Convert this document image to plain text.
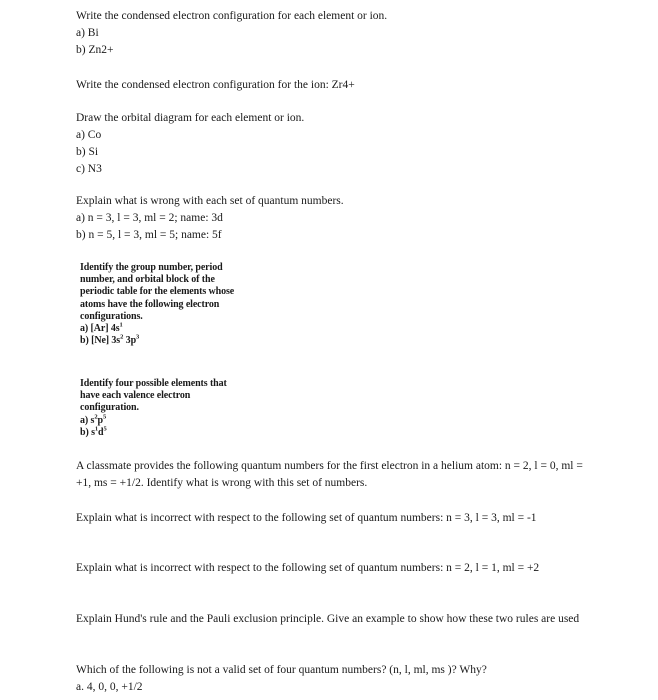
Write the condensed electron configuration for each element or ion.
a) Bi
b) Zn2+
Write the condensed electron configuration for the ion: Zr4+
Draw the orbital diagram for each element or ion.
a) Co
b) Si
c) N3
Explain what is wrong with each set of quantum numbers.
a) n = 3, l = 3, ml = 2; name: 3d
b) n = 5, l = 3, ml = 5; name: 5f
Identify the group number, period
number, and orbital block of the
periodic table for the elements whose
atoms have the following electron
configurations.
a) [Ar] $4s^1$
b) [Ne] $3s^2$ $3p^3$
Identify four possible elements that
have each valence electron
configuration.
a) $s^2p^5$
b) $s^1d^5$
A classmate provides the following quantum numbers for the first electron in a helium atom: n = 2, l = 0, ml = +1, ms = +1/2. Identify what is wrong with this set of numbers.
Explain what is incorrect with respect to the following set of quantum numbers: n = 3, l = 3, ml = -1
Explain what is incorrect with respect to the following set of quantum numbers: n = 2, l = 1, ml = +2
Explain Hund's rule and the Pauli exclusion principle. Give an example to show how these two rules are used
Which of the following is not a valid set of four quantum numbers? (n, l, ml, ms )? Why?
a. 4, 0, 0, +1/2
